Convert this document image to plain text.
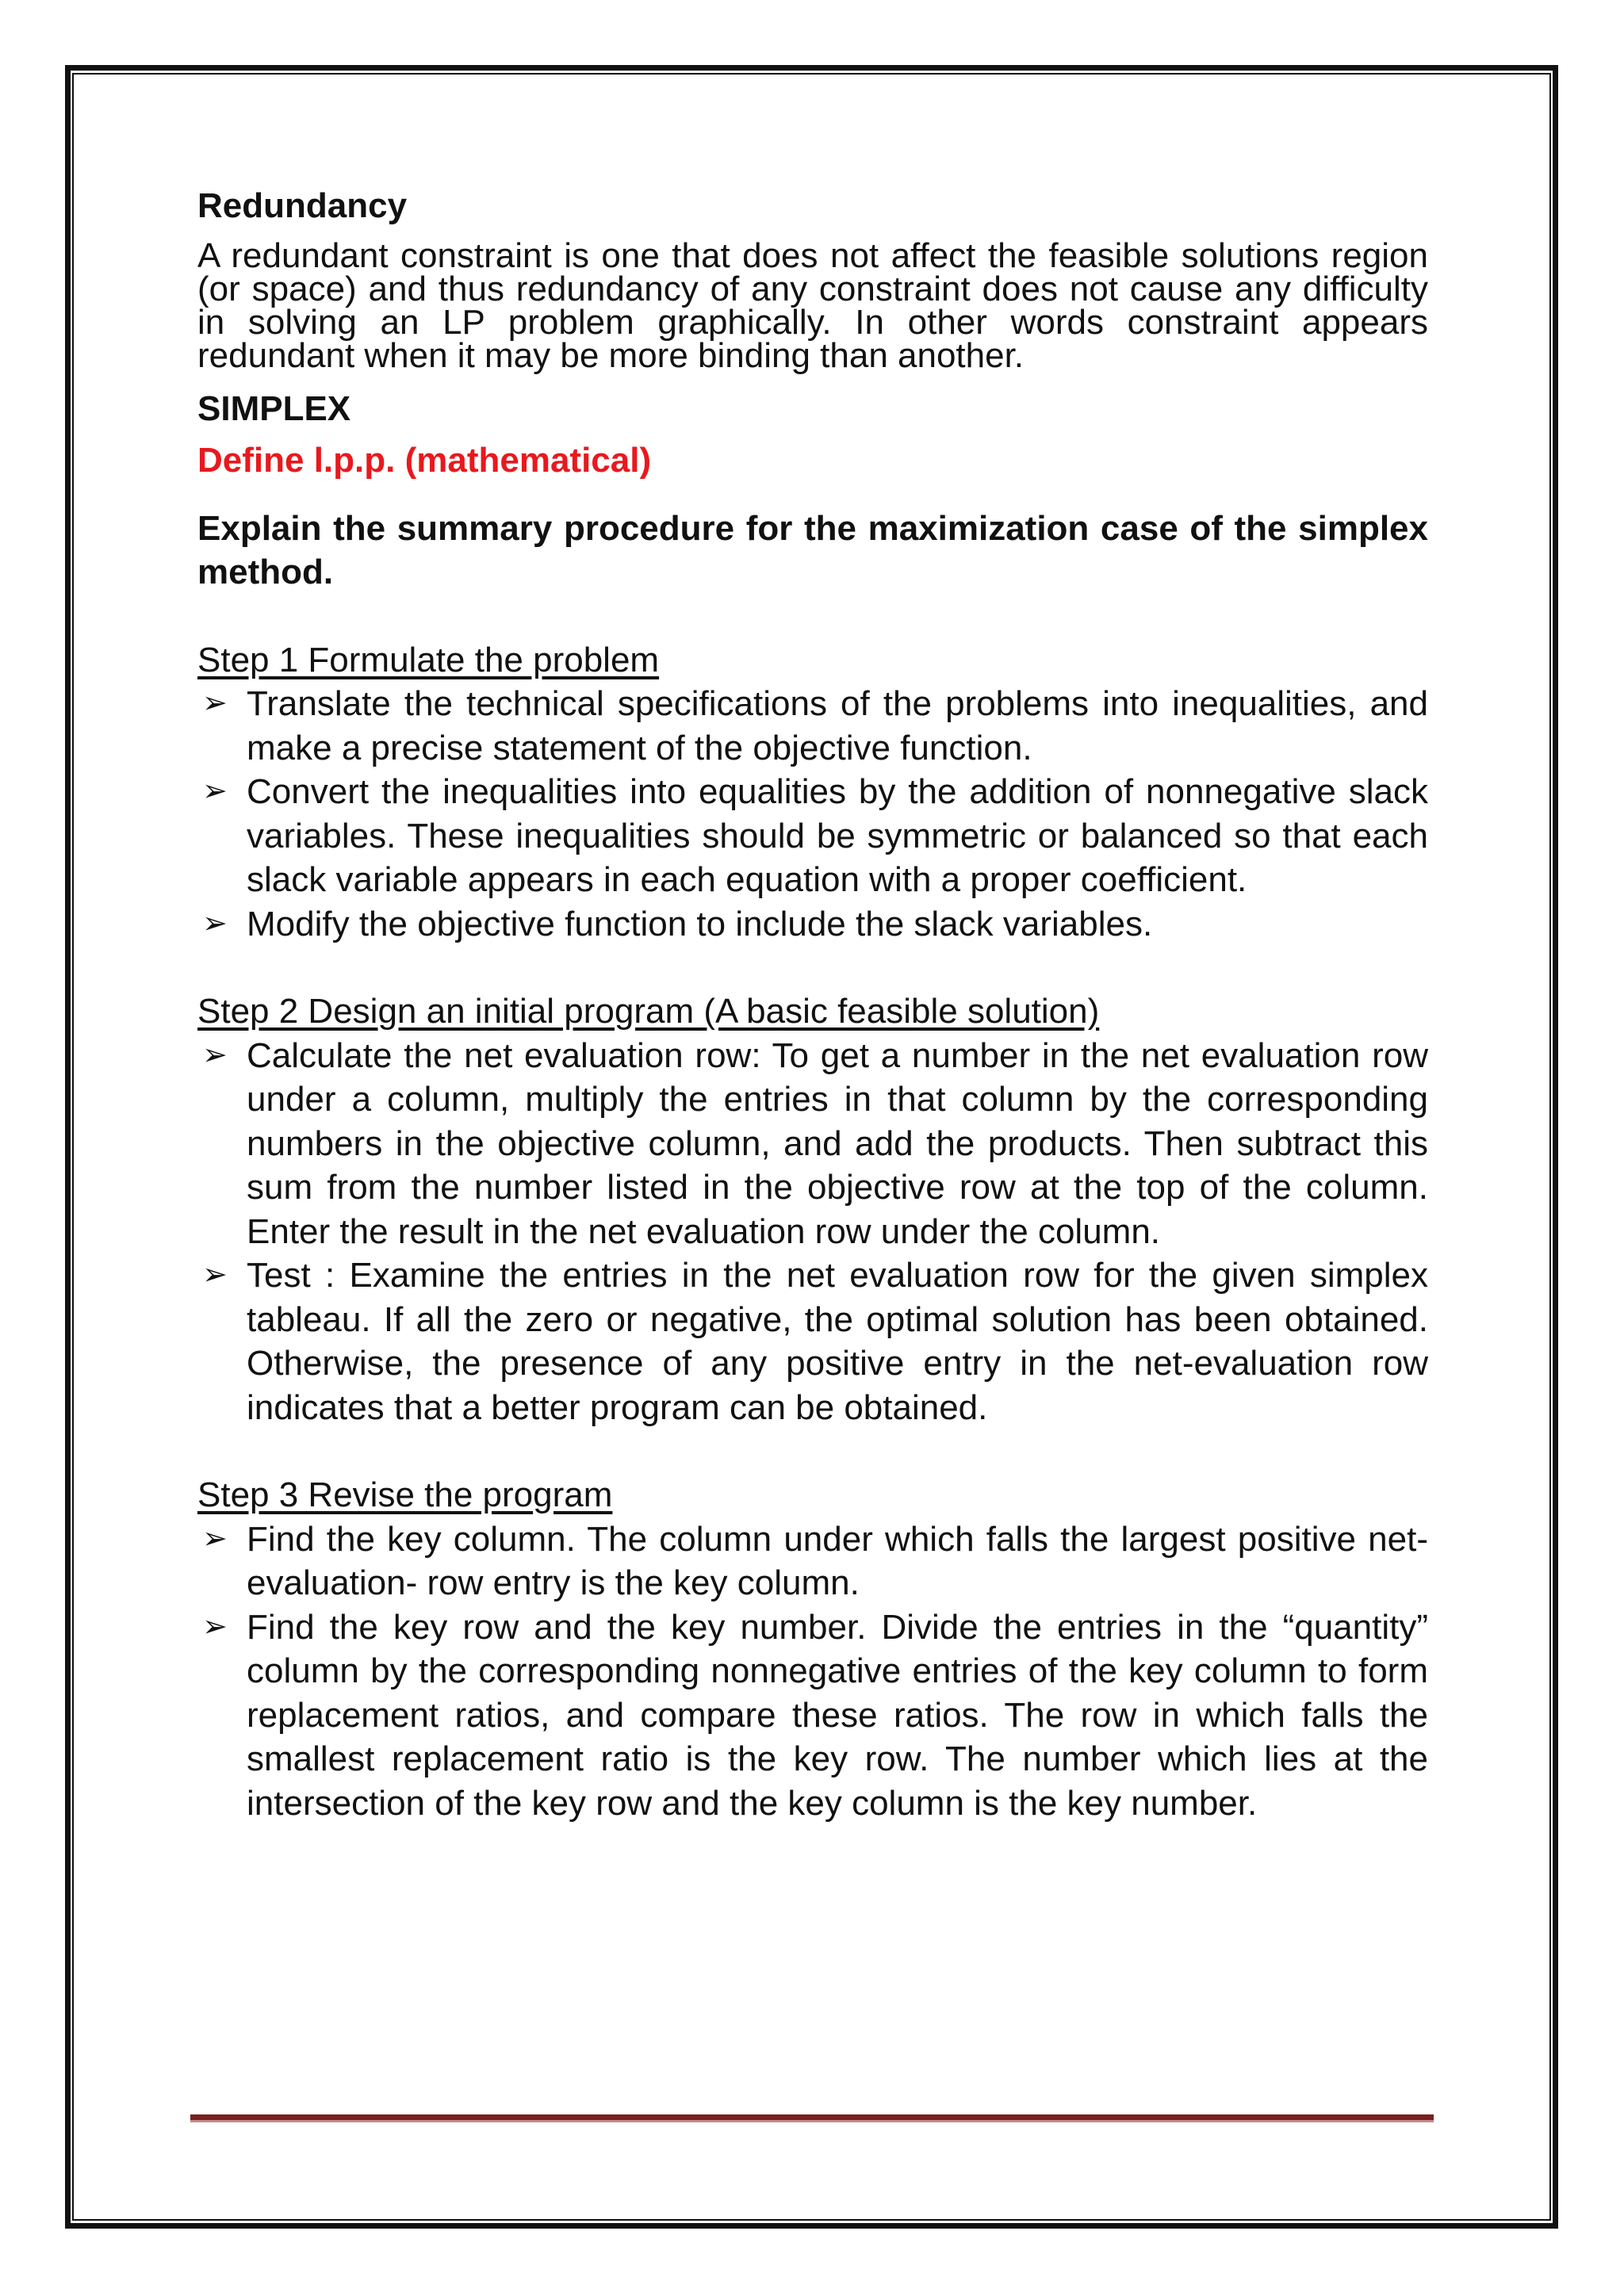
Redundancy
A redundant constraint is one that does not affect the feasible solutions region (or space) and thus redundancy of any constraint does not cause any difficulty in solving an LP problem graphically. In other words constraint appears redundant when it may be more binding than another.
SIMPLEX
Define l.p.p. (mathematical)
Explain the summary procedure for the maximization case of the simplex method.
Step 1 Formulate the problem
➢ Translate the technical specifications of the problems into inequalities, and make a precise statement of the objective function.
➢ Convert the inequalities into equalities by the addition of nonnegative slack variables. These inequalities should be symmetric or balanced so that each slack variable appears in each equation with a proper coefficient.
➢ Modify the objective function to include the slack variables.
Step 2 Design an initial program (A basic feasible solution)
➢ Calculate the net evaluation row: To get a number in the net evaluation row under a column, multiply the entries in that column by the corresponding numbers in the objective column, and add the products. Then subtract this sum from the number listed in the objective row at the top of the column. Enter the result in the net evaluation row under the column.
➢ Test : Examine the entries in the net evaluation row for the given simplex tableau. If all the zero or negative, the optimal solution has been obtained. Otherwise, the presence of any positive entry in the net-evaluation row indicates that a better program can be obtained.
Step 3 Revise the program
➢ Find the key column. The column under which falls the largest positive net-evaluation- row entry is the key column.
➢ Find the key row and the key number. Divide the entries in the “quantity” column by the corresponding nonnegative entries of the key column to form replacement ratios, and compare these ratios. The row in which falls the smallest replacement ratio is the key row. The number which lies at the intersection of the key row and the key column is the key number.
